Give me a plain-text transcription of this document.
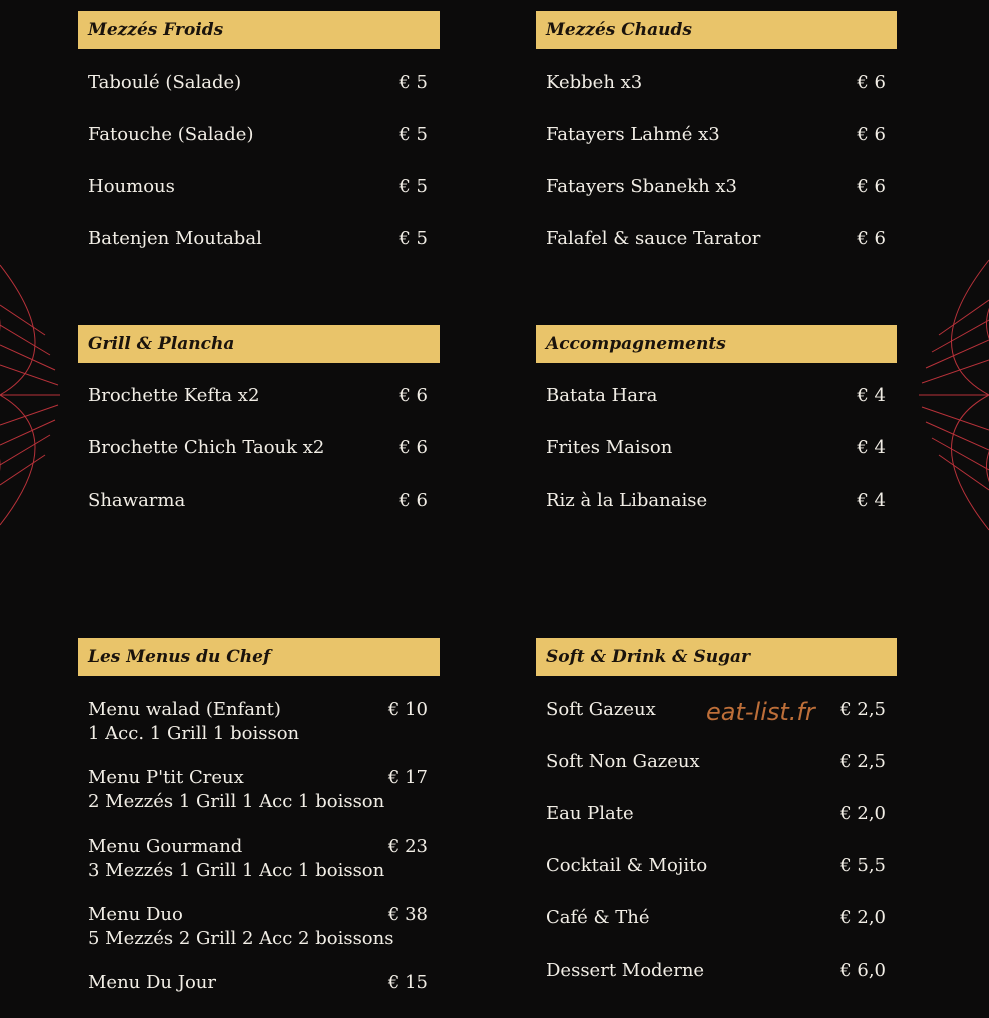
Mezzés Froids
Taboulé (Salade)	€ 5
Fatouche (Salade)	€ 5
Houmous	€ 5
Batenjen Moutabal	€ 5
Mezzés Chauds
Kebbeh x3	€ 6
Fatayers Lahmé x3	€ 6
Fatayers Sbanekh x3	€ 6
Falafel & sauce Tarator	€ 6
Grill & Plancha
Brochette Kefta x2	€ 6
Brochette Chich Taouk x2	€ 6
Shawarma	€ 6
Accompagnements
Batata Hara	€ 4
Frites Maison	€ 4
Riz à la Libanaise	€ 4
Les Menus du Chef
Menu walad (Enfant)	€ 10
1 Acc. 1 Grill 1 boisson
Menu P'tit Creux	€ 17
2 Mezzés 1 Grill 1 Acc 1 boisson
Menu Gourmand	€ 23
3 Mezzés 1 Grill 1 Acc 1 boisson
Menu Duo	€ 38
5 Mezzés 2 Grill 2 Acc 2 boissons
Menu Du Jour	€ 15
Soft & Drink & Sugar
Soft Gazeux	€ 2,5
Soft Non Gazeux	€ 2,5
Eau Plate	€ 2,0
Cocktail & Mojito	€ 5,5
Café & Thé	€ 2,0
Dessert Moderne	€ 6,0
eat-list.fr
